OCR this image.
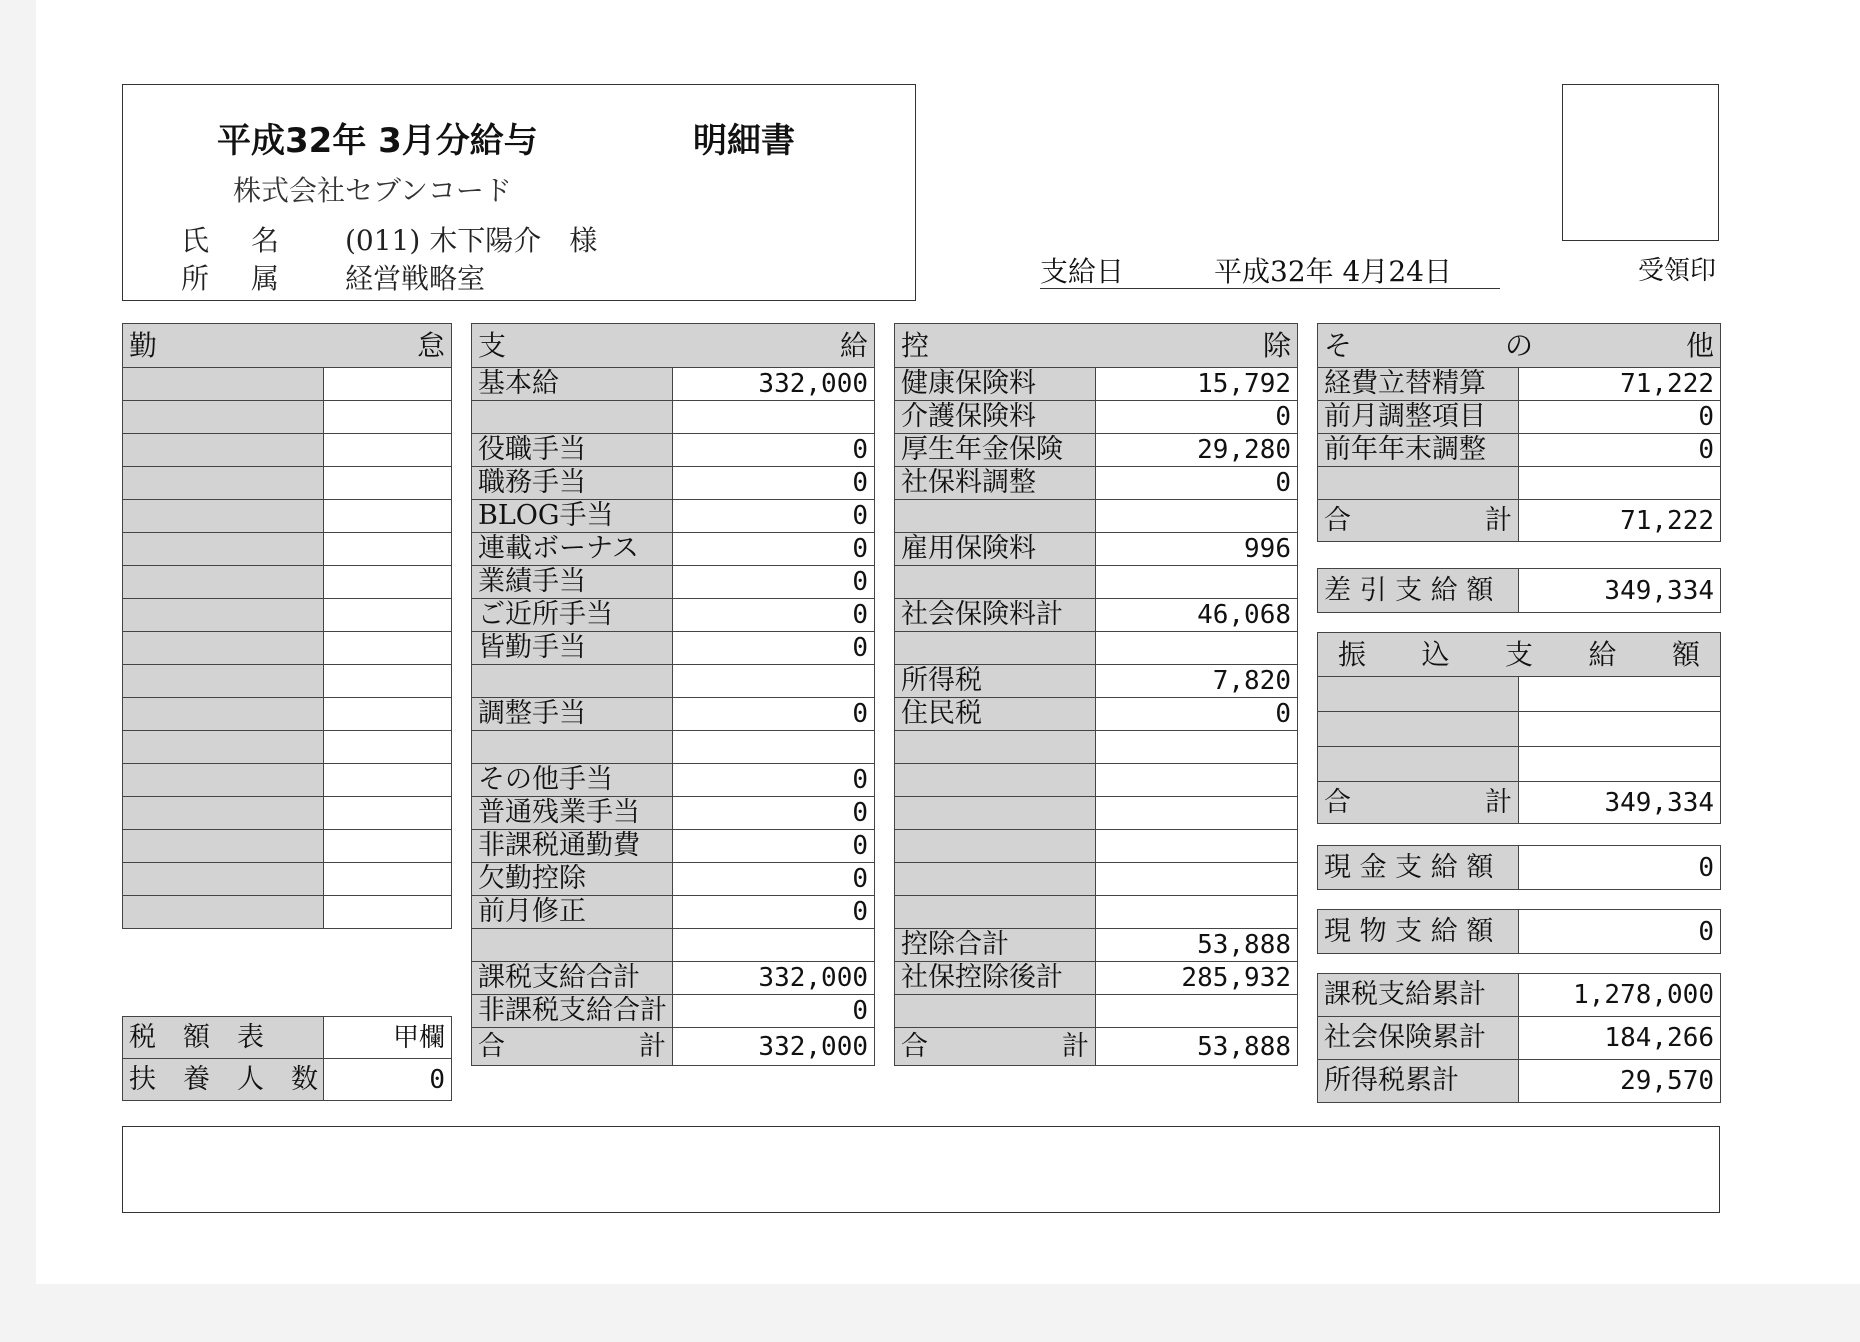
平成32年 3月分給与	明細書
株式会社セブンコード
氏 名 (011) 木下陽介　様
所 属 経営戦略室	支給日	平成32年 4月24日	受領印
勤 怠	

税　額　表	甲欄
扶　養　人　数	0
支 給	

基本給	332,000

役職手当	0
職務手当	0
BLOG手当	0
連載ボーナス	0
業績手当	0
ご近所手当	0
皆勤手当	0

調整手当	0

その他手当	0
普通残業手当	0
非課税通勤費	0
欠勤控除	0
前月修正	0

課税支給合計	332,000
非課税支給合計	0

合 計	332,000
控 除	

健康保険料	15,792
介護保険料	0
厚生年金保険	29,280
社保料調整	0

雇用保険料	996

社会保険料計	46,068

所得税	7,820
住民税	0

控除合計	53,888
社保控除後計	285,932

合 計	53,888
そ の 他	

経費立替精算	71,222
前月調整項目	0
前年年末調整	0

合 計	71,222
差 引 支 給 額	349,334
振 込 支 給 額	

合 計	349,334
現 金 支 給 額	0
現 物 支 給 額	0
課税支給累計	1,278,000
社会保険累計	184,266
所得税累計	29,570
